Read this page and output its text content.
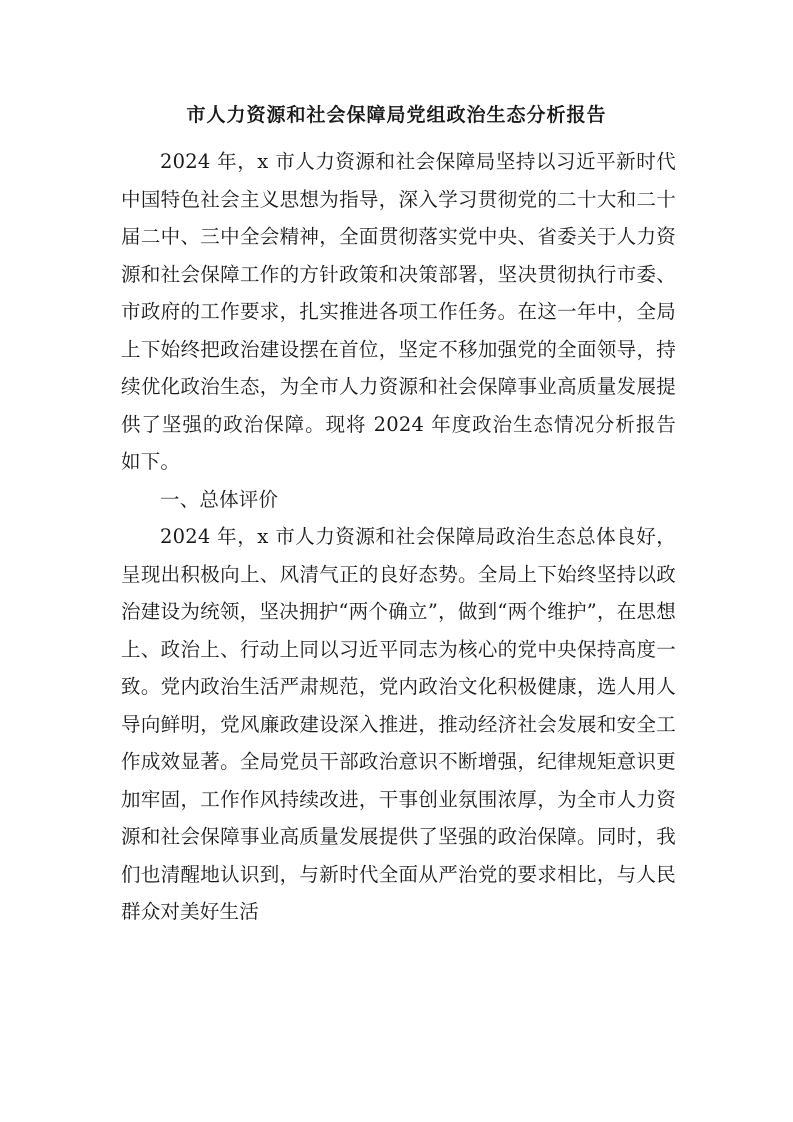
市人力资源和社会保障局党组政治生态分析报告

2024 年，x 市人力资源和社会保障局坚持以习近平新时代中国特色社会主义思想为指导，深入学习贯彻党的二十大和二十届二中、三中全会精神，全面贯彻落实党中央、省委关于人力资源和社会保障工作的方针政策和决策部署，坚决贯彻执行市委、市政府的工作要求，扎实推进各项工作任务。在这一年中，全局上下始终把政治建设摆在首位，坚定不移加强党的全面领导，持续优化政治生态，为全市人力资源和社会保障事业高质量发展提供了坚强的政治保障。现将 2024 年度政治生态情况分析报告如下。

一、总体评价

2024 年，x 市人力资源和社会保障局政治生态总体良好，呈现出积极向上、风清气正的良好态势。全局上下始终坚持以政治建设为统领，坚决拥护“两个确立”，做到“两个维护”，在思想上、政治上、行动上同以习近平同志为核心的党中央保持高度一致。党内政治生活严肃规范，党内政治文化积极健康，选人用人导向鲜明，党风廉政建设深入推进，推动经济社会发展和安全工作成效显著。全局党员干部政治意识不断增强，纪律规矩意识更加牢固，工作作风持续改进，干事创业氛围浓厚，为全市人力资源和社会保障事业高质量发展提供了坚强的政治保障。同时，我们也清醒地认识到，与新时代全面从严治党的要求相比，与人民群众对美好生活
